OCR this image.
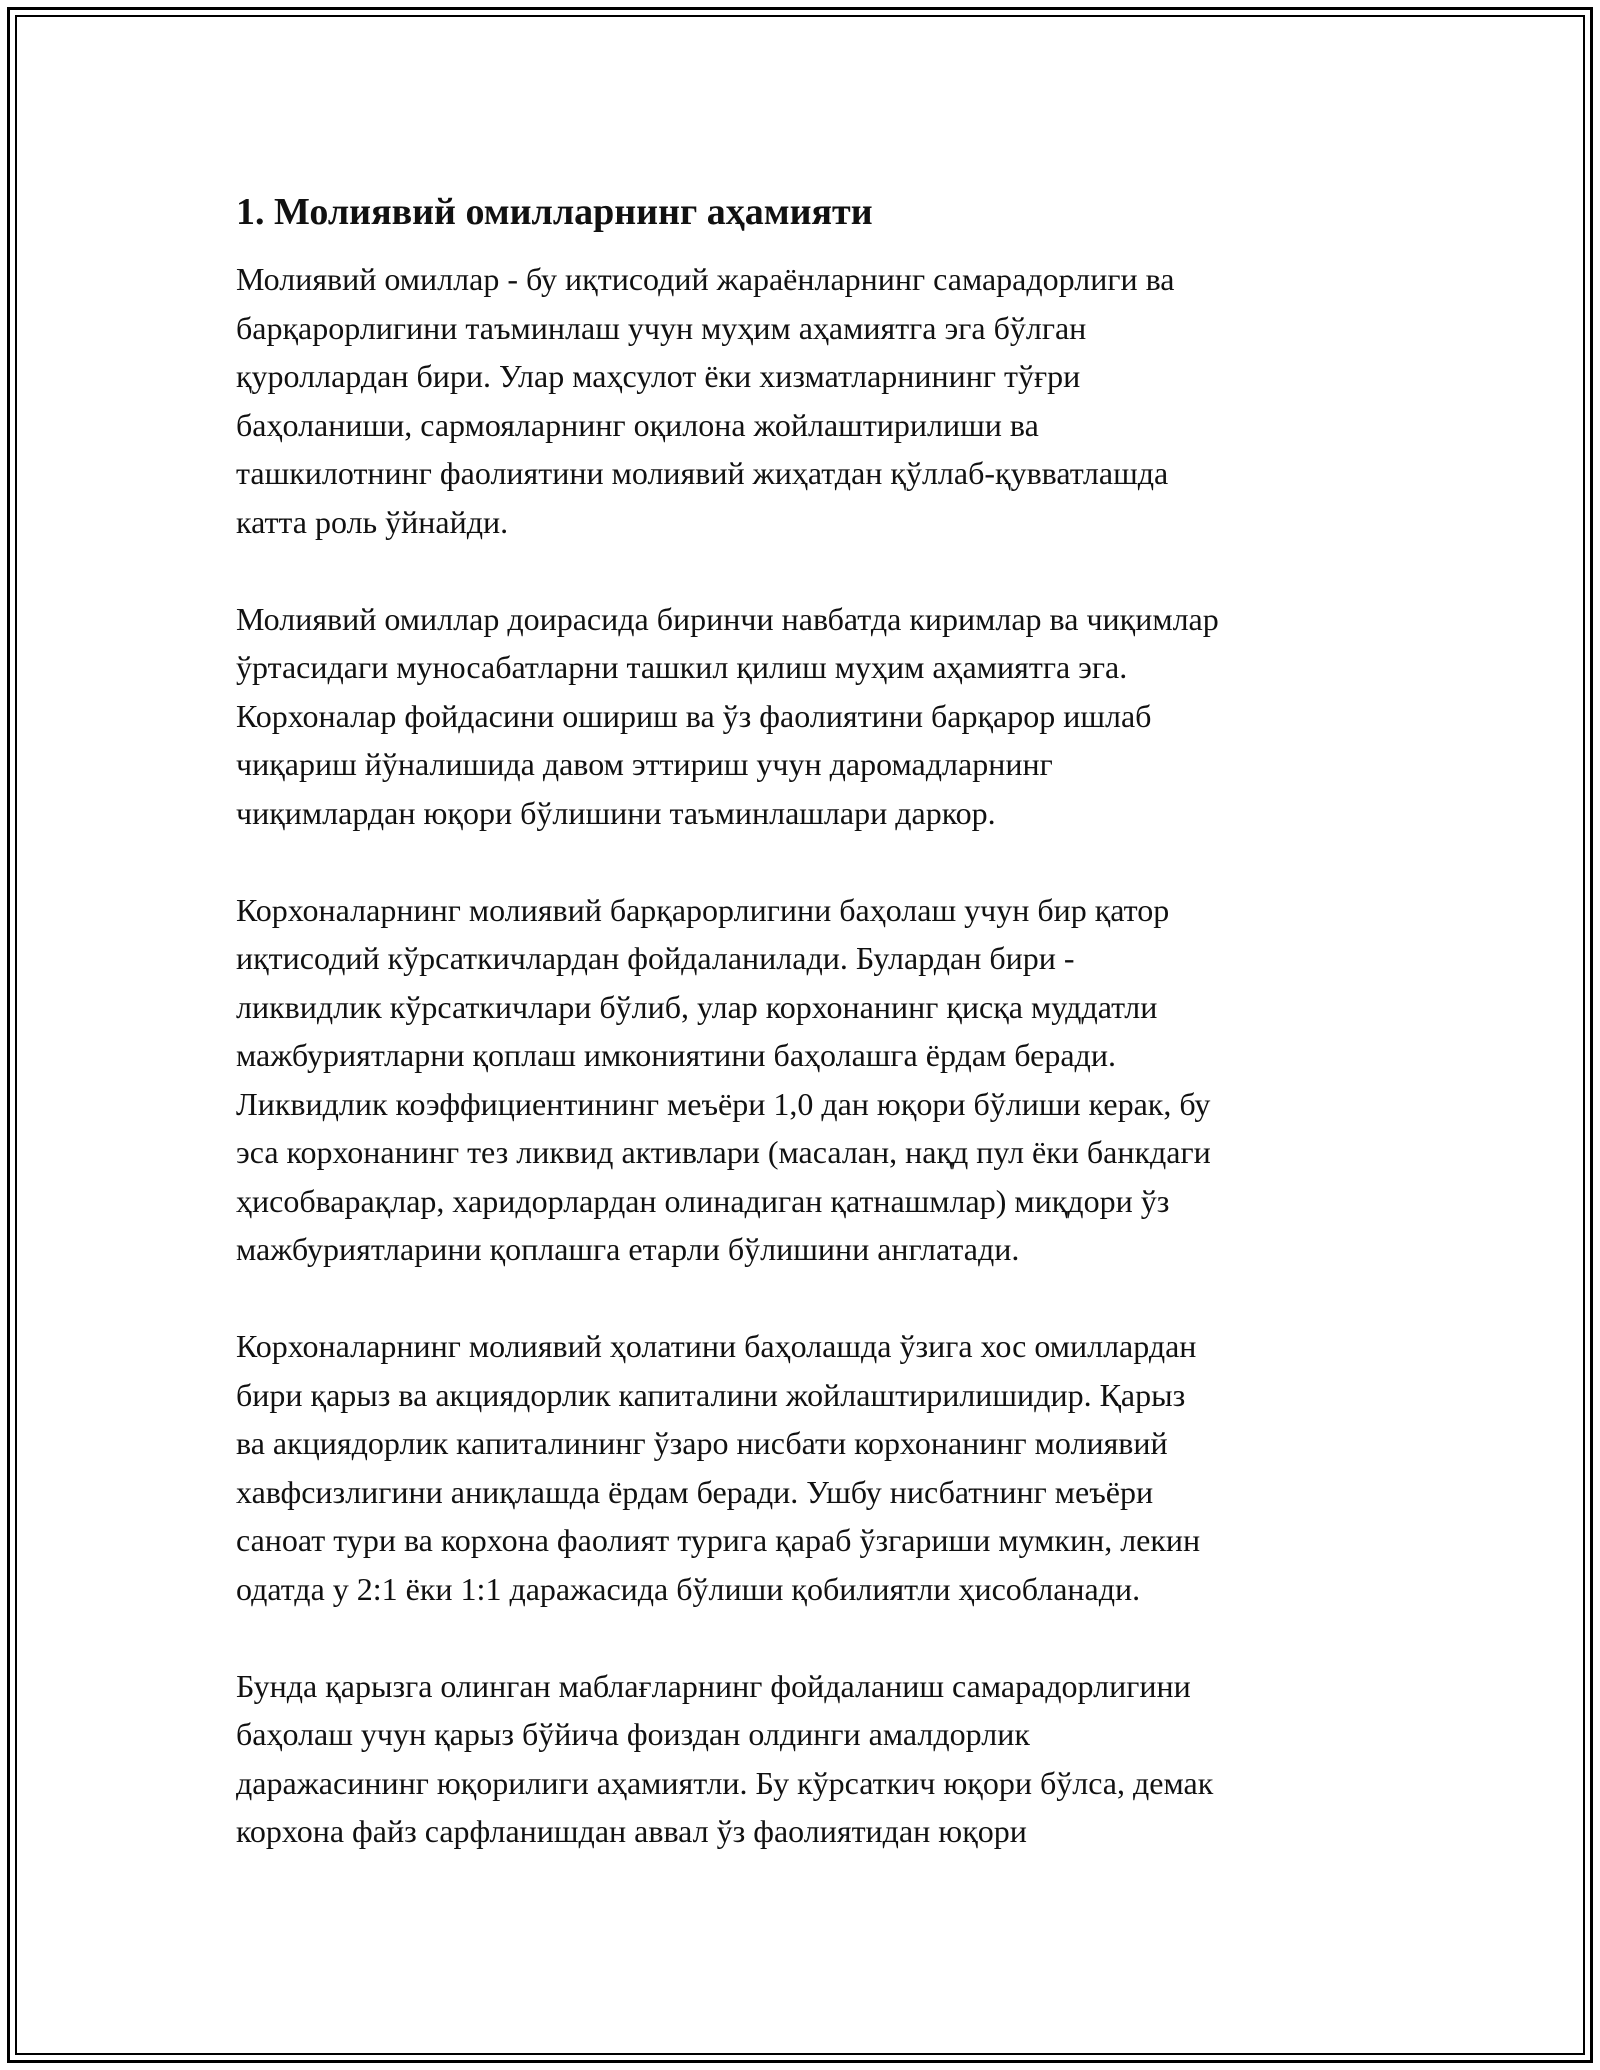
1. Молиявий омилларнинг аҳамияти

Молиявий омиллар - бу иқтисодий жараёнларнинг самарадорлиги ва
барқарорлигини таъминлаш учун муҳим аҳамиятга эга бўлган
қуроллардан бири. Улар маҳсулот ёки хизматларнининг тўғри
баҳоланиши, сармояларнинг оқилона жойлаштирилиши ва
ташкилотнинг фаолиятини молиявий жиҳатдан қўллаб-қувватлашда
катта роль ўйнайди.

Молиявий омиллар доирасида биринчи навбатда киримлар ва чиқимлар
ўртасидаги муносабатларни ташкил қилиш муҳим аҳамиятга эга.
Корхоналар фойдасини ошириш ва ўз фаолиятини барқарор ишлаб
чиқариш йўналишида давом эттириш учун даромадларнинг
чиқимлардан юқори бўлишини таъминлашлари даркор.

Корхоналарнинг молиявий барқарорлигини баҳолаш учун бир қатор
иқтисодий кўрсаткичлардан фойдаланилади. Булардан бири -
ликвидлик кўрсаткичлари бўлиб, улар корхонанинг қисқа муддатли
мажбуриятларни қоплаш имкониятини баҳолашга ёрдам беради.
Ликвидлик коэффициентининг меъёри 1,0 дан юқори бўлиши керак, бу
эса корхонанинг тез ликвид активлари (масалан, нақд пул ёки банкдаги
ҳисобварақлар, харидорлардан олинадиган қатнашмлар) миқдори ўз
мажбуриятларини қоплашга етарли бўлишини англатади.

Корхоналарнинг молиявий ҳолатини баҳолашда ўзига хос омиллардан
бири қарыз ва акциядорлик капиталини жойлаштирилишидир. Қарыз
ва акциядорлик капиталининг ўзаро нисбати корхонанинг молиявий
хавфсизлигини аниқлашда ёрдам беради. Ушбу нисбатнинг меъёри
саноат тури ва корхона фаолият турига қараб ўзгариши мумкин, лекин
одатда у 2:1 ёки 1:1 даражасида бўлиши қобилиятли ҳисобланади.

Бунда қарызга олинган маблағларнинг фойдаланиш самарадорлигини
баҳолаш учун қарыз бўйича фоиздан олдинги амалдорлик
даражасининг юқорилиги аҳамиятли. Бу кўрсаткич юқори бўлса, демак
корхона файз сарфланишдан аввал ўз фаолиятидан юқори
